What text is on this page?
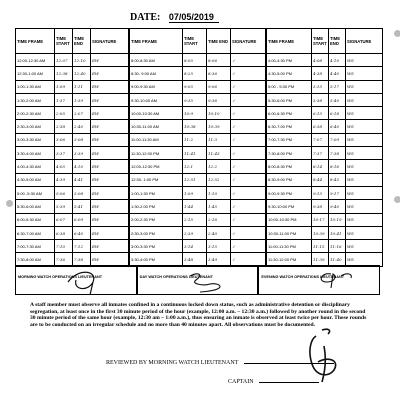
DATE: 07/05/2019
TIME FRAME	TIME START	TIME END	SIGNATURE
12:00-12:30 AM	12:07	12:10	EW
12:30-1:00 AM	12:38	12:40	EW
1:00-1:30 AM	1:09	1:11	EW
1:30-2:00 AM	1:37	1:39	EW
2:00-2:30 AM	2:05	2:07	EW
2:30-3:00 AM	2:38	2:40	EW
3:00-3:30 AM	3:06	3:08	EW
3:30-4:00 AM	3:37	3:39	EW
4:00-4:30 AM	4:05	4:10	EW
4:30-5:00 AM	4:39	4:41	EW
5:00 -5:30 AM	5:06	5:08	EW
5:30-6:00 AM	5:39	5:41	EW
6:00-6:30 AM	6:07	6:09	EW
6:30-7:00 AM	6:38	6:40	EW
7:00-7:30 AM	7:10	7:12	EW
7:30-8:00 AM	7:36	7:38	EW
TIME FRAME	TIME START	TIME END	SIGNATURE
8:00-8:30 AM	8:05	8:06	✓
8:30- 9:00 AM	8:25	8:36	✓
9:00-9:30 AM	9:05	9:06	✓
9:30-10:00 AM	9:35	9:36	✓
10:00-10:30 AM	10:9	10:10	✓
10:30-11:00 AM	10:38	10:39	✓
11:00-11:30 AM	11:2	11:3	✓
11:30-12:00 PM	11:41	11:43	✓
12:00-12:30 PM	12:1	12:2	✓
12:30- 1:00 PM	12:51	12:52	✓
1:00-1:30 PM	1:09	1:10	✓
1:30-2:00 PM	1:44	1:45	✓
2:00-2:30 PM	2:15	2:16	✓
2:30-3:00 PM	2:39	2:40	✓
3:00-3:30 PM	3:14	3:15	✓
3:30-4:00 PM	3:48	3:49	✓
TIME FRAME	TIME START	TIME END	SIGNATURE
4:00-4:30 PM	4:08	4:10	WS
4:30-5:00 PM	4:38	4:40	WS
5:00 - 5:30 PM	5:15	5:17	WS
5:30-6:00 PM	5:38	5:40	WS
6:00-6:30 PM	6:15	6:18	WS
6:30-7:00 PM	6:38	6:40	WS
7:00-7:30 PM	7:07	7:09	WS
7:30-8:00 PM	7:37	7:38	WS
8:00-8:30 PM	8:14	8:16	WS
8:30-9:00 PM	8:44	8:45	WS
9:00-9:30 PM	9:15	9:17	WS
9:30-10:00 PM	9:38	9:40	WS
10:00-10:30 PM	10:17	10:19	WS
10:30-11:00 PM	10:39	10:41	WS
11:00-11:30 PM	11:15	11:16	WS
11:30-12:00 PM	11:39	11:40	WS
MORNING WATCH OPERATIONS LIEUTENANT	DAY WATCH OPERATIONS LIEUTENANT	EVENING WATCH OPERATIONS LIEUTENANT
A staff member must observe all inmates confined in a continuous locked down status, such as administrative detention or disciplinary segregation, at least once in the first 30 minute period of the hour (example, 12:00 a.m. – 12:30 a.m.) followed by another round in the second 30 minute period of the same hour (example, 12:30 am – 1:00 a.m.), thus ensuring an inmate is observed at least twice per hour. These rounds are to be conducted on an irregular schedule and no more than 40 minutes apart. All observations must be documented.
REVIEWED BY MORNING WATCH LIEUTENANT
CAPTAIN
